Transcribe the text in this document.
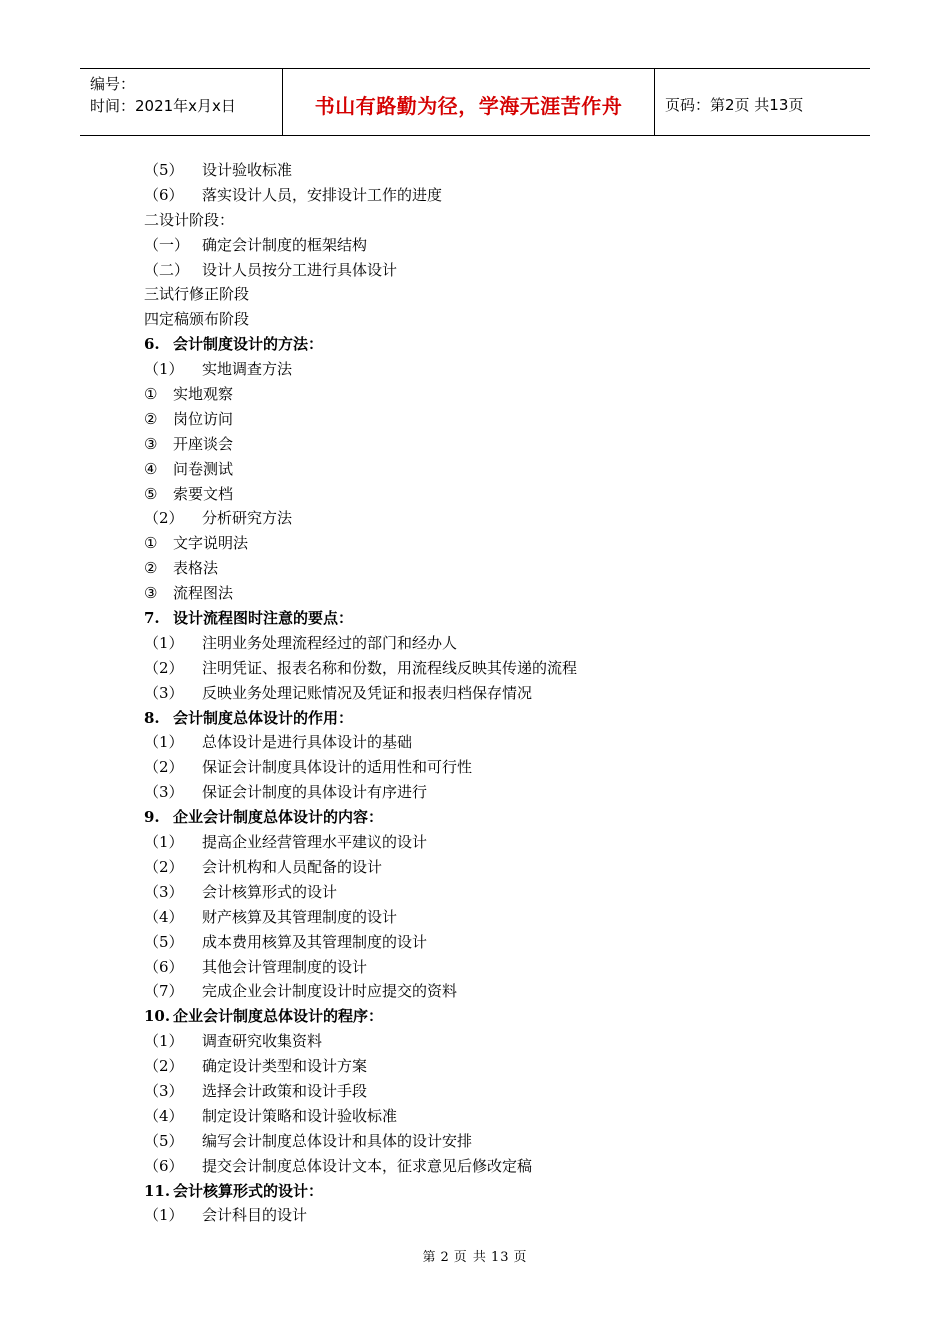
编号：
时间：2021年x月x日	书山有路勤为径，学海无涯苦作舟	页码：第2页 共13页
（5） 设计验收标准
（6） 落实设计人员，安排设计工作的进度
二设计阶段：
（一） 确定会计制度的框架结构
（二） 设计人员按分工进行具体设计
三试行修正阶段
四定稿颁布阶段
6. 会计制度设计的方法：
（1） 实地调查方法
① 实地观察
② 岗位访问
③ 开座谈会
④ 问卷测试
⑤ 索要文档
（2） 分析研究方法
① 文字说明法
② 表格法
③ 流程图法
7. 设计流程图时注意的要点：
（1） 注明业务处理流程经过的部门和经办人
（2） 注明凭证、报表名称和份数，用流程线反映其传递的流程
（3） 反映业务处理记账情况及凭证和报表归档保存情况
8. 会计制度总体设计的作用：
（1） 总体设计是进行具体设计的基础
（2） 保证会计制度具体设计的适用性和可行性
（3） 保证会计制度的具体设计有序进行
9. 企业会计制度总体设计的内容：
（1） 提高企业经营管理水平建议的设计
（2） 会计机构和人员配备的设计
（3） 会计核算形式的设计
（4） 财产核算及其管理制度的设计
（5） 成本费用核算及其管理制度的设计
（6） 其他会计管理制度的设计
（7） 完成企业会计制度设计时应提交的资料
10. 企业会计制度总体设计的程序：
（1） 调查研究收集资料
（2） 确定设计类型和设计方案
（3） 选择会计政策和设计手段
（4） 制定设计策略和设计验收标准
（5） 编写会计制度总体设计和具体的设计安排
（6） 提交会计制度总体设计文本，征求意见后修改定稿
11. 会计核算形式的设计：
（1） 会计科目的设计
第 2 页 共 13 页
